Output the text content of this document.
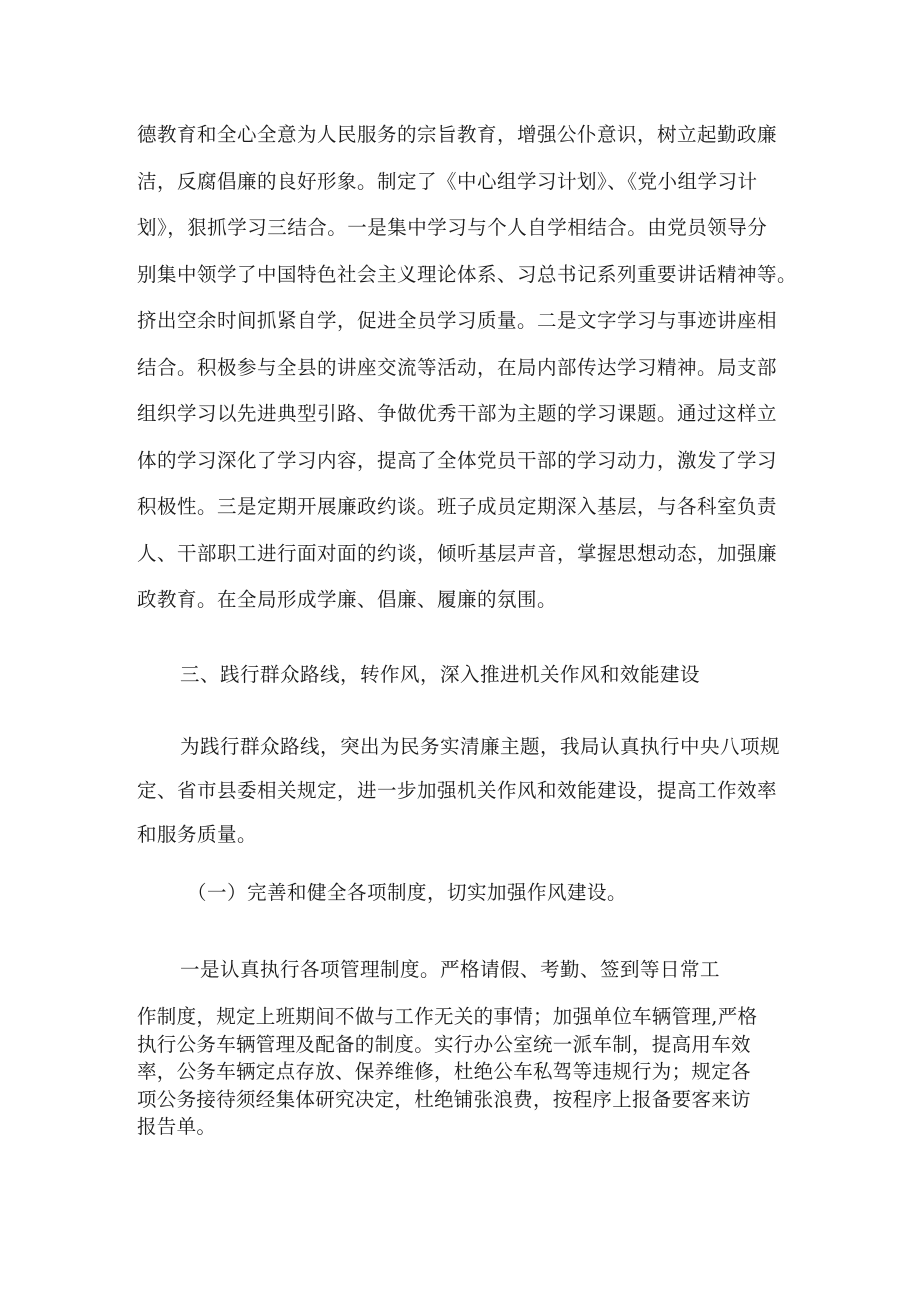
德教育和全心全意为人民服务的宗旨教育，增强公仆意识，树立起勤政廉
洁，反腐倡廉的良好形象。制定了《中心组学习计划》、《党小组学习计
划》，狠抓学习三结合。一是集中学习与个人自学相结合。由党员领导分
别集中领学了中国特色社会主义理论体系、习总书记系列重要讲话精神等。
挤出空余时间抓紧自学，促进全员学习质量。二是文字学习与事迹讲座相
结合。积极参与全县的讲座交流等活动，在局内部传达学习精神。局支部
组织学习以先进典型引路、争做优秀干部为主题的学习课题。通过这样立
体的学习深化了学习内容，提高了全体党员干部的学习动力，激发了学习
积极性。三是定期开展廉政约谈。班子成员定期深入基层，与各科室负责
人、干部职工进行面对面的约谈，倾听基层声音，掌握思想动态，加强廉
政教育。在全局形成学廉、倡廉、履廉的氛围。
三、践行群众路线，转作风，深入推进机关作风和效能建设
为践行群众路线，突出为民务实清廉主题，我局认真执行中央八项规
定、省市县委相关规定，进一步加强机关作风和效能建设，提高工作效率
和服务质量。
（一）完善和健全各项制度，切实加强作风建设。
一是认真执行各项管理制度。严格请假、考勤、签到等日常工
作制度，规定上班期间不做与工作无关的事情；加强单位车辆管理,严格
执行公务车辆管理及配备的制度。实行办公室统一派车制，提高用车效
率，公务车辆定点存放、保养维修，杜绝公车私驾等违规行为；规定各
项公务接待须经集体研究决定，杜绝铺张浪费，按程序上报备要客来访
报告单。
